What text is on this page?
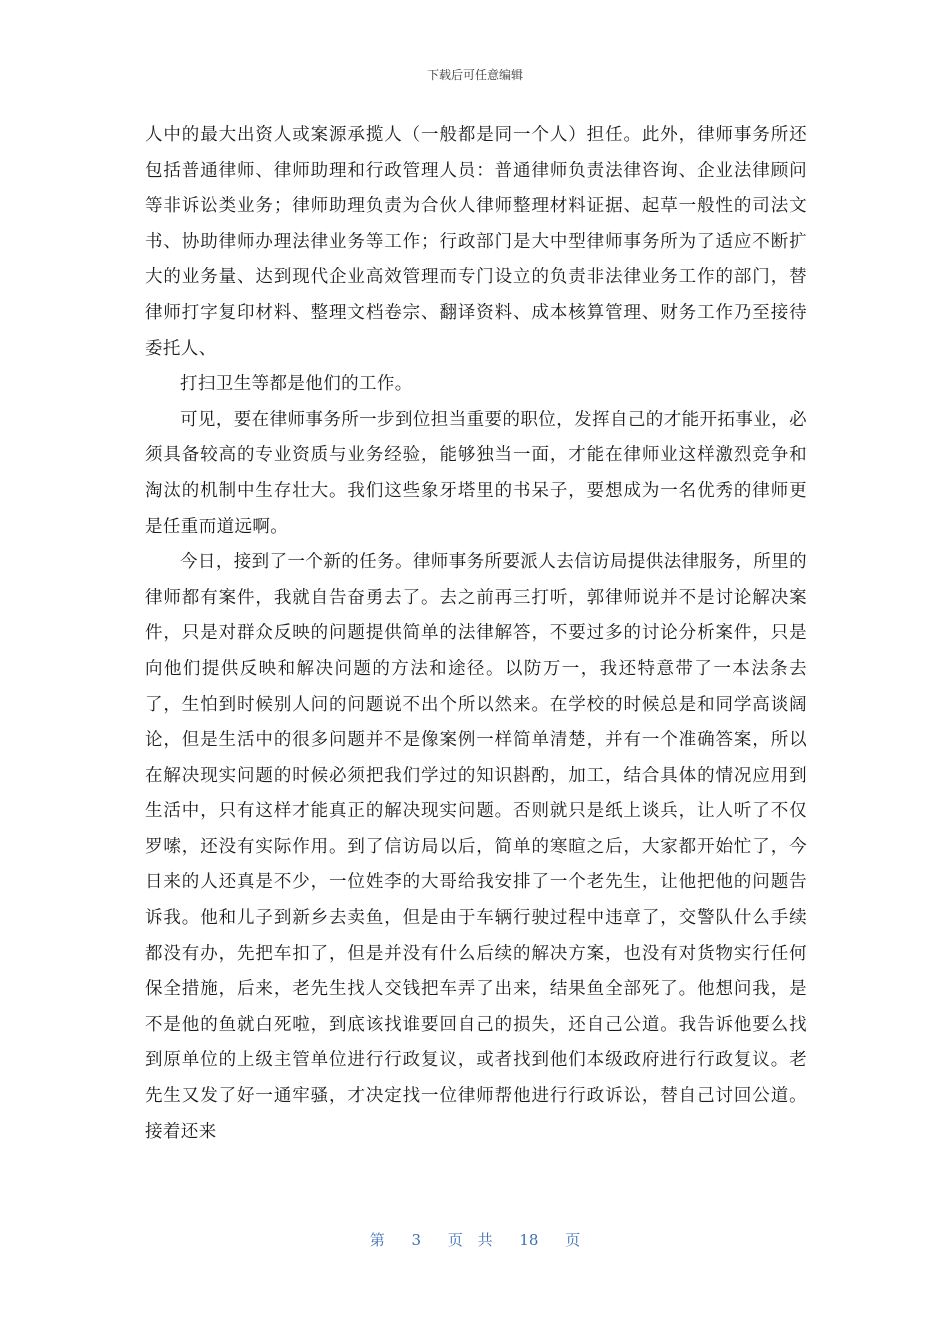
下载后可任意编辑

人中的最大出资人或案源承揽人（一般都是同一个人）担任。此外，律师事务所还包括普通律师、律师助理和行政管理人员：普通律师负责法律咨询、企业法律顾问等非诉讼类业务；律师助理负责为合伙人律师整理材料证据、起草一般性的司法文书、协助律师办理法律业务等工作；行政部门是大中型律师事务所为了适应不断扩大的业务量、达到现代企业高效管理而专门设立的负责非法律业务工作的部门，替律师打字复印材料、整理文档卷宗、翻译资料、成本核算管理、财务工作乃至接待委托人、

打扫卫生等都是他们的工作。

可见，要在律师事务所一步到位担当重要的职位，发挥自己的才能开拓事业，必须具备较高的专业资质与业务经验，能够独当一面，才能在律师业这样激烈竞争和淘汰的机制中生存壮大。我们这些象牙塔里的书呆子，要想成为一名优秀的律师更是任重而道远啊。

今日，接到了一个新的任务。律师事务所要派人去信访局提供法律服务，所里的律师都有案件，我就自告奋勇去了。去之前再三打听，郭律师说并不是讨论解决案件，只是对群众反映的问题提供简单的法律解答，不要过多的讨论分析案件，只是向他们提供反映和解决问题的方法和途径。以防万一，我还特意带了一本法条去了，生怕到时候别人问的问题说不出个所以然来。在学校的时候总是和同学高谈阔论，但是生活中的很多问题并不是像案例一样简单清楚，并有一个准确答案，所以在解决现实问题的时候必须把我们学过的知识斟酌，加工，结合具体的情况应用到生活中，只有这样才能真正的解决现实问题。否则就只是纸上谈兵，让人听了不仅罗嗦，还没有实际作用。到了信访局以后，简单的寒暄之后，大家都开始忙了，今日来的人还真是不少，一位姓李的大哥给我安排了一个老先生，让他把他的问题告诉我。他和儿子到新乡去卖鱼，但是由于车辆行驶过程中违章了，交警队什么手续都没有办，先把车扣了，但是并没有什么后续的解决方案，也没有对货物实行任何保全措施，后来，老先生找人交钱把车弄了出来，结果鱼全部死了。他想问我，是不是他的鱼就白死啦，到底该找谁要回自己的损失，还自己公道。我告诉他要么找到原单位的上级主管单位进行行政复议，或者找到他们本级政府进行行政复议。老先生又发了好一通牢骚，才决定找一位律师帮他进行行政诉讼，替自己讨回公道。接着还来

第 3 页 共 18 页
